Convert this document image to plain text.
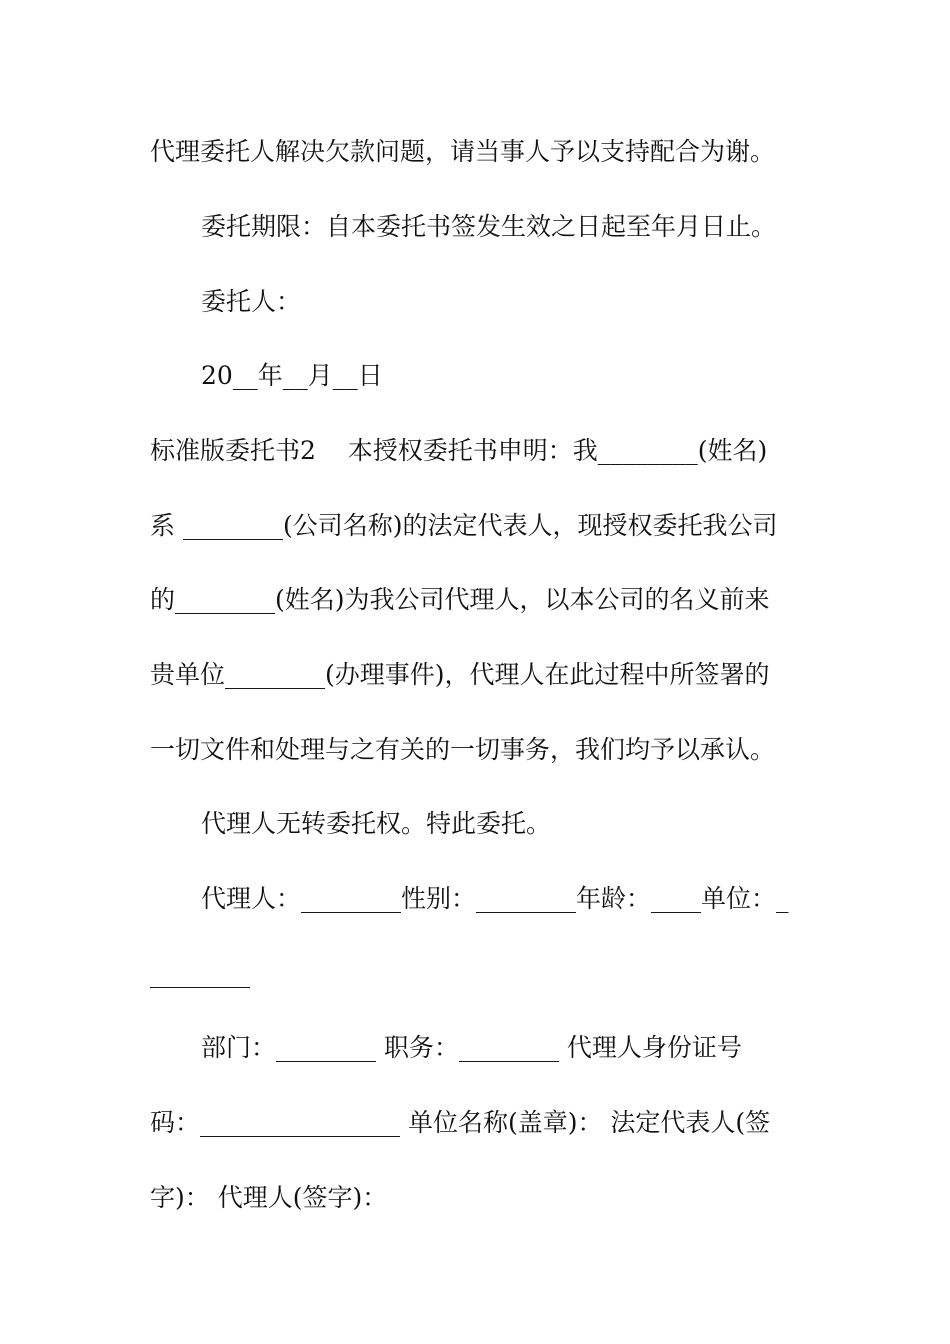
代理委托人解决欠款问题，请当事人予以支持配合为谢。
委托期限：自本委托书签发生效之日起至年月日止。
委托人：
20__年__月__日
标准版委托书2    本授权委托书申明：我________(姓名)
系 ________(公司名称)的法定代表人，现授权委托我公司
的________(姓名)为我公司代理人，以本公司的名义前来
贵单位________(办理事件)，代理人在此过程中所签署的
一切文件和处理与之有关的一切事务，我们均予以承认。
代理人无转委托权。特此委托。
代理人：________性别：________年龄：____单位：_
________
部门：________ 职务：________ 代理人身份证号
码：________________ 单位名称(盖章)： 法定代表人(签
字)： 代理人(签字)：
